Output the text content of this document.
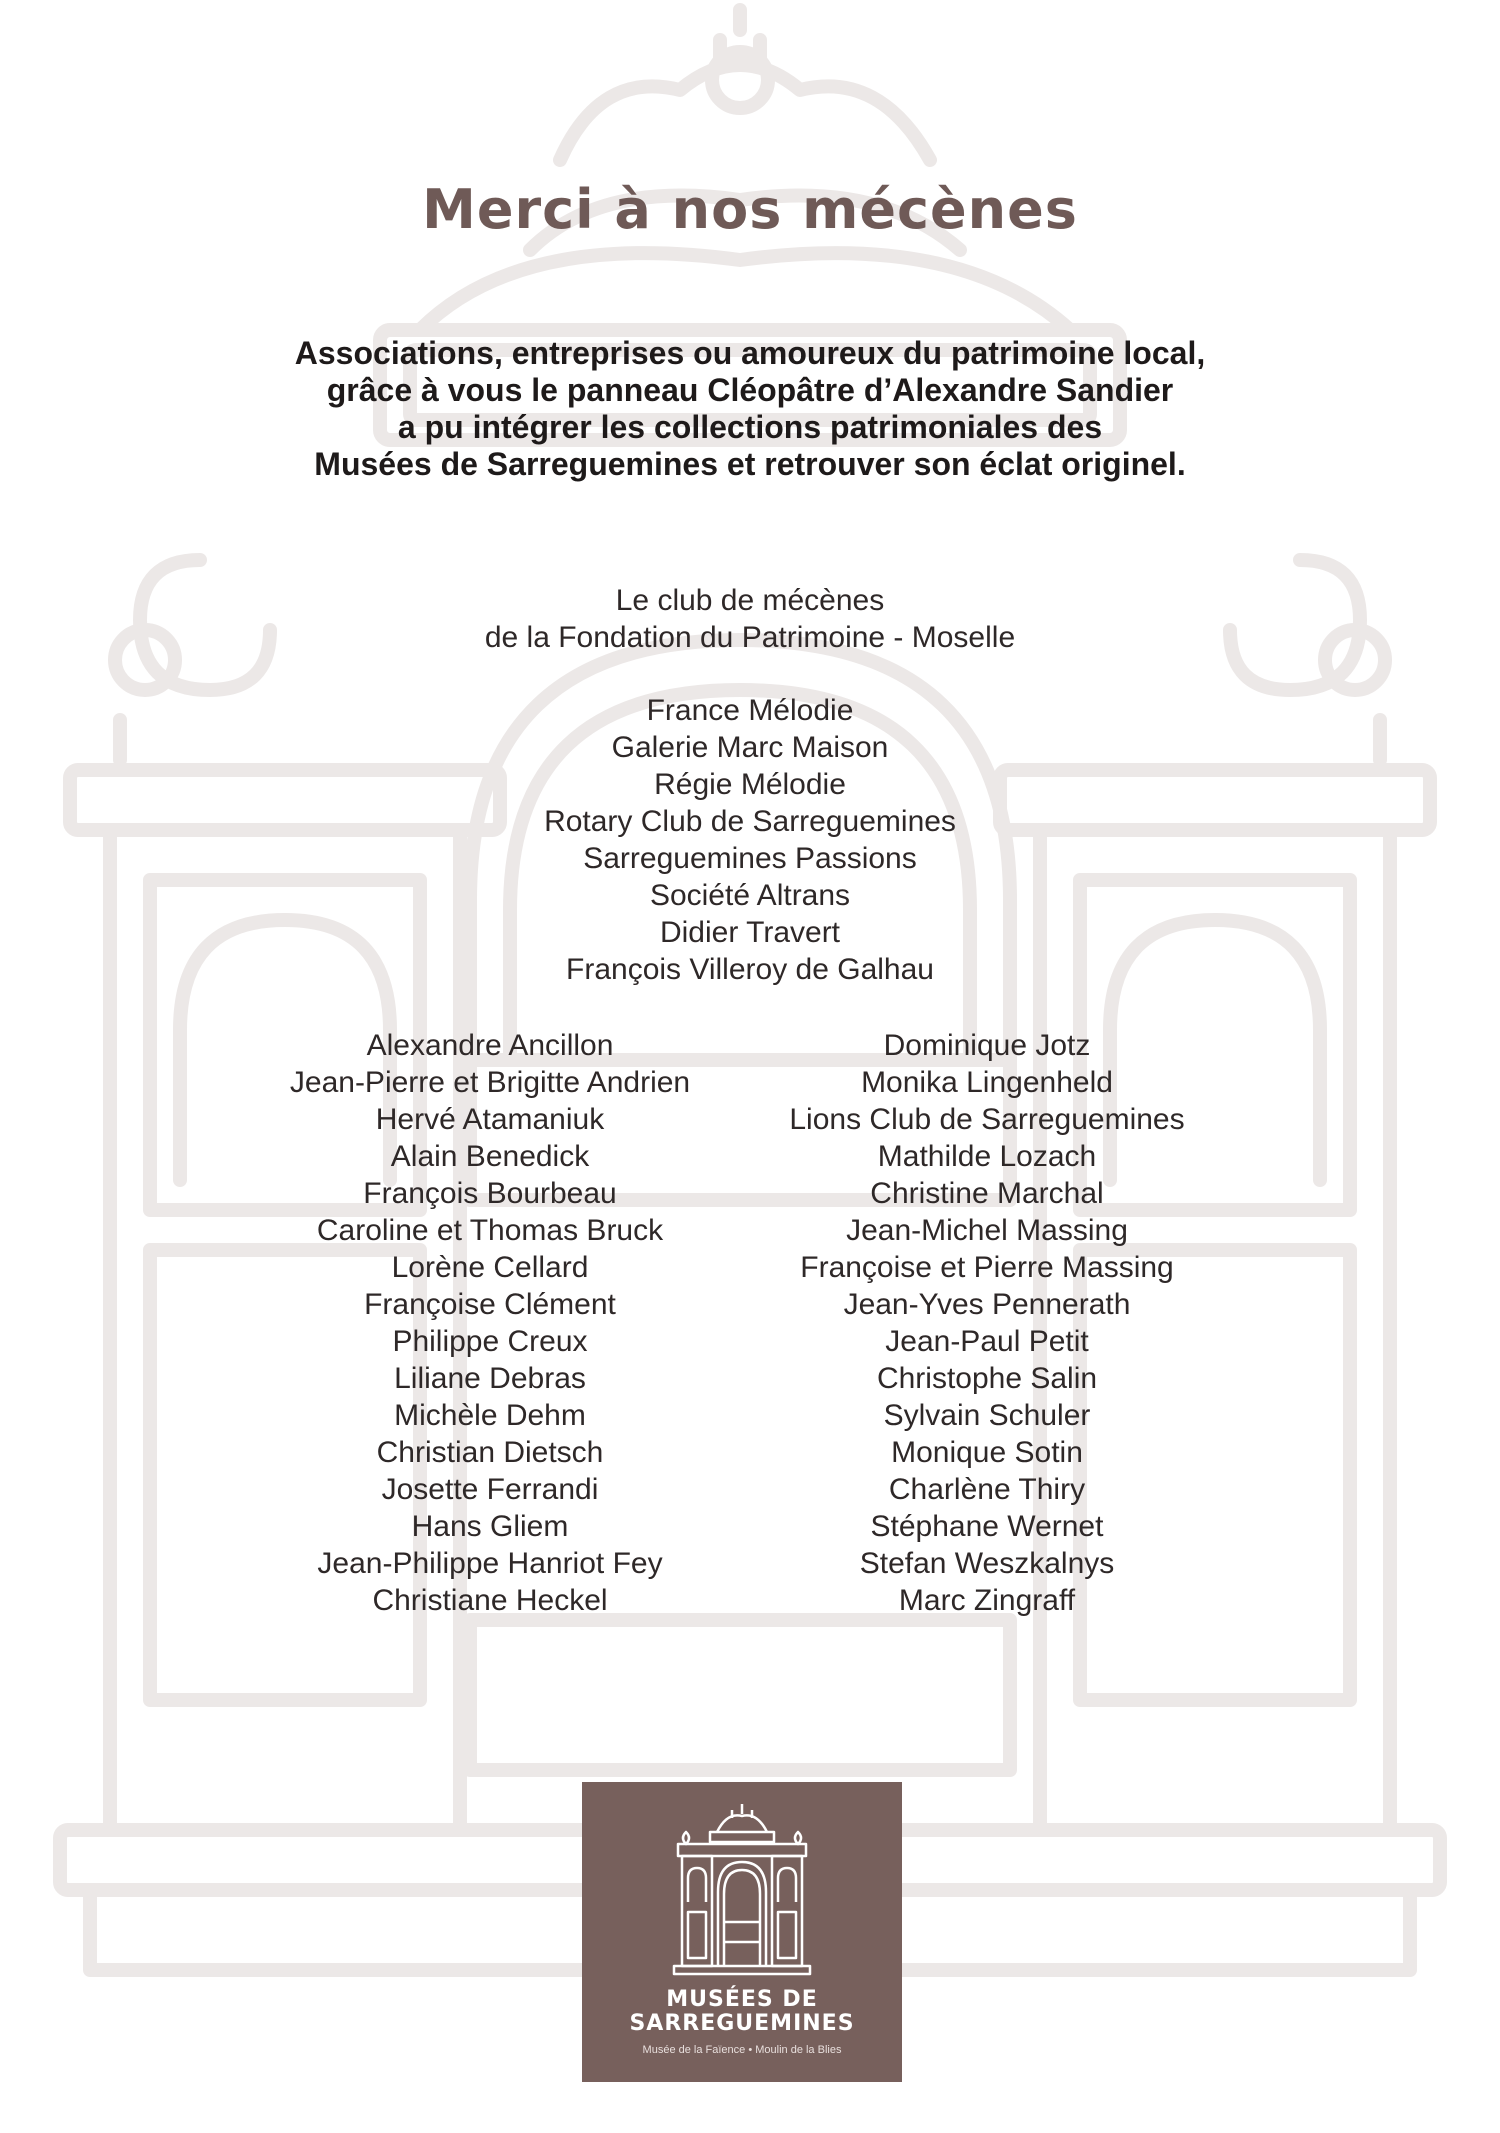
Merci à nos mécènes
Associations, entreprises ou amoureux du patrimoine local,
grâce à vous le panneau Cléopâtre d’Alexandre Sandier
a pu intégrer les collections patrimoniales des
Musées de Sarreguemines et retrouver son éclat originel.
Le club de mécènes
de la Fondation du Patrimoine - Moselle
France Mélodie
Galerie Marc Maison
Régie Mélodie
Rotary Club de Sarreguemines
Sarreguemines Passions
Société Altrans
Didier Travert
François Villeroy de Galhau
Alexandre Ancillon
Jean-Pierre et Brigitte Andrien
Hervé Atamaniuk
Alain Benedick
François Bourbeau
Caroline et Thomas Bruck
Lorène Cellard
Françoise Clément
Philippe Creux
Liliane Debras
Michèle Dehm
Christian Dietsch
Josette Ferrandi
Hans Gliem
Jean-Philippe Hanriot Fey
Christiane Heckel
Dominique Jotz
Monika Lingenheld
Lions Club de Sarreguemines
Mathilde Lozach
Christine Marchal
Jean-Michel Massing
Françoise et Pierre Massing
Jean-Yves Pennerath
Jean-Paul Petit
Christophe Salin
Sylvain Schuler
Monique Sotin
Charlène Thiry
Stéphane Wernet
Stefan Weszkalnys
Marc Zingraff
MUSÉES DE
SARREGUEMINES
Musée de la Faïence • Moulin de la Blies
